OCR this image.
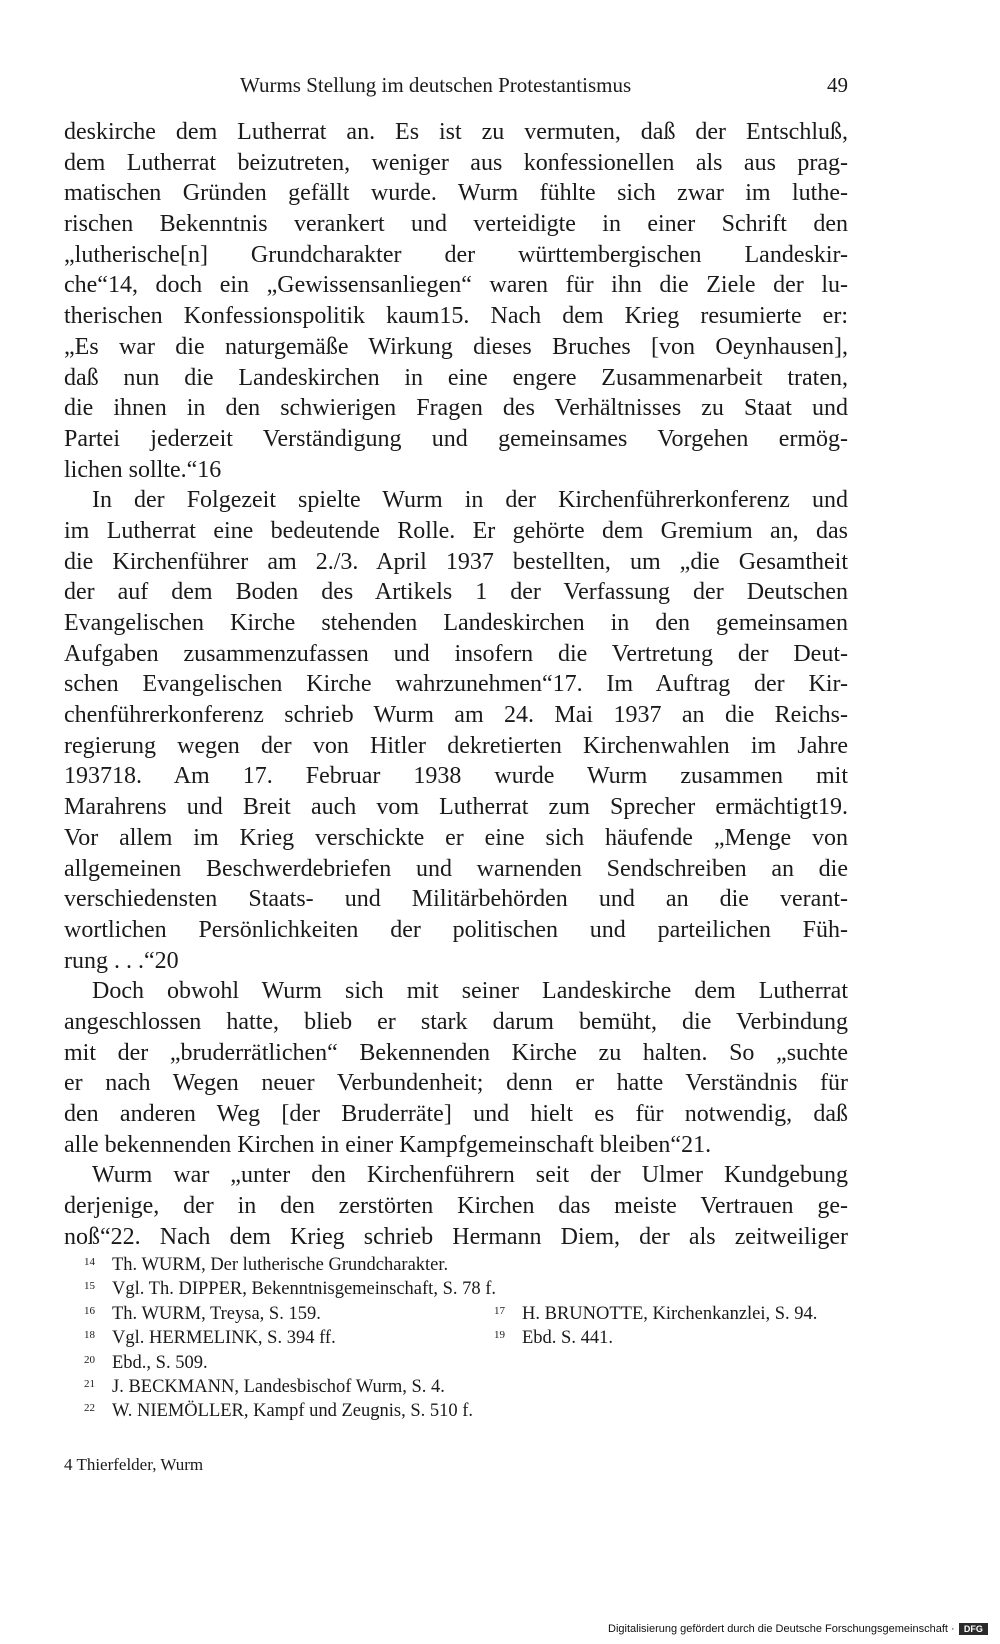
Wurms Stellung im deutschen Protestantismus	49
deskirche dem Lutherrat an. Es ist zu vermuten, daß der Entschluß,
dem Lutherrat beizutreten, weniger aus konfessionellen als aus prag-
matischen Gründen gefällt wurde. Wurm fühlte sich zwar im luthe-
rischen Bekenntnis verankert und verteidigte in einer Schrift den
„lutherische[n] Grundcharakter der württembergischen Landeskir-
che“14, doch ein „Gewissensanliegen“ waren für ihn die Ziele der lu-
therischen Konfessionspolitik kaum15. Nach dem Krieg resumierte er:
„Es war die naturgemäße Wirkung dieses Bruches [von Oeynhausen],
daß nun die Landeskirchen in eine engere Zusammenarbeit traten,
die ihnen in den schwierigen Fragen des Verhältnisses zu Staat und
Partei jederzeit Verständigung und gemeinsames Vorgehen ermög-
lichen sollte.“16
In der Folgezeit spielte Wurm in der Kirchenführerkonferenz und
im Lutherrat eine bedeutende Rolle. Er gehörte dem Gremium an, das
die Kirchenführer am 2./3. April 1937 bestellten, um „die Gesamtheit
der auf dem Boden des Artikels 1 der Verfassung der Deutschen
Evangelischen Kirche stehenden Landeskirchen in den gemeinsamen
Aufgaben zusammenzufassen und insofern die Vertretung der Deut-
schen Evangelischen Kirche wahrzunehmen“17. Im Auftrag der Kir-
chenführerkonferenz schrieb Wurm am 24. Mai 1937 an die Reichs-
regierung wegen der von Hitler dekretierten Kirchenwahlen im Jahre
193718. Am 17. Februar 1938 wurde Wurm zusammen mit
Marahrens und Breit auch vom Lutherrat zum Sprecher ermächtigt19.
Vor allem im Krieg verschickte er eine sich häufende „Menge von
allgemeinen Beschwerdebriefen und warnenden Sendschreiben an die
verschiedensten Staats- und Militärbehörden und an die verant-
wortlichen Persönlichkeiten der politischen und parteilichen Füh-
rung . . .“20
Doch obwohl Wurm sich mit seiner Landeskirche dem Lutherrat
angeschlossen hatte, blieb er stark darum bemüht, die Verbindung
mit der „bruderrätlichen“ Bekennenden Kirche zu halten. So „suchte
er nach Wegen neuer Verbundenheit; denn er hatte Verständnis für
den anderen Weg [der Bruderräte] und hielt es für notwendig, daß
alle bekennenden Kirchen in einer Kampfgemeinschaft bleiben“21.
Wurm war „unter den Kirchenführern seit der Ulmer Kundgebung
derjenige, der in den zerstörten Kirchen das meiste Vertrauen ge-
noß“22. Nach dem Krieg schrieb Hermann Diem, der als zeitweiliger
14 Th. WURM, Der lutherische Grundcharakter.
15 Vgl. Th. DIPPER, Bekenntnisgemeinschaft, S. 78 f.
16 Th. WURM, Treysa, S. 159.	17 H. BRUNOTTE, Kirchenkanzlei, S. 94.
18 Vgl. HERMELINK, S. 394 ff.	19 Ebd. S. 441.
20 Ebd., S. 509.
21 J. BECKMANN, Landesbischof Wurm, S. 4.
22 W. NIEMÖLLER, Kampf und Zeugnis, S. 510 f.
4 Thierfelder, Wurm
Digitalisierung gefördert durch die Deutsche Forschungsgemeinschaft ·	DFG
